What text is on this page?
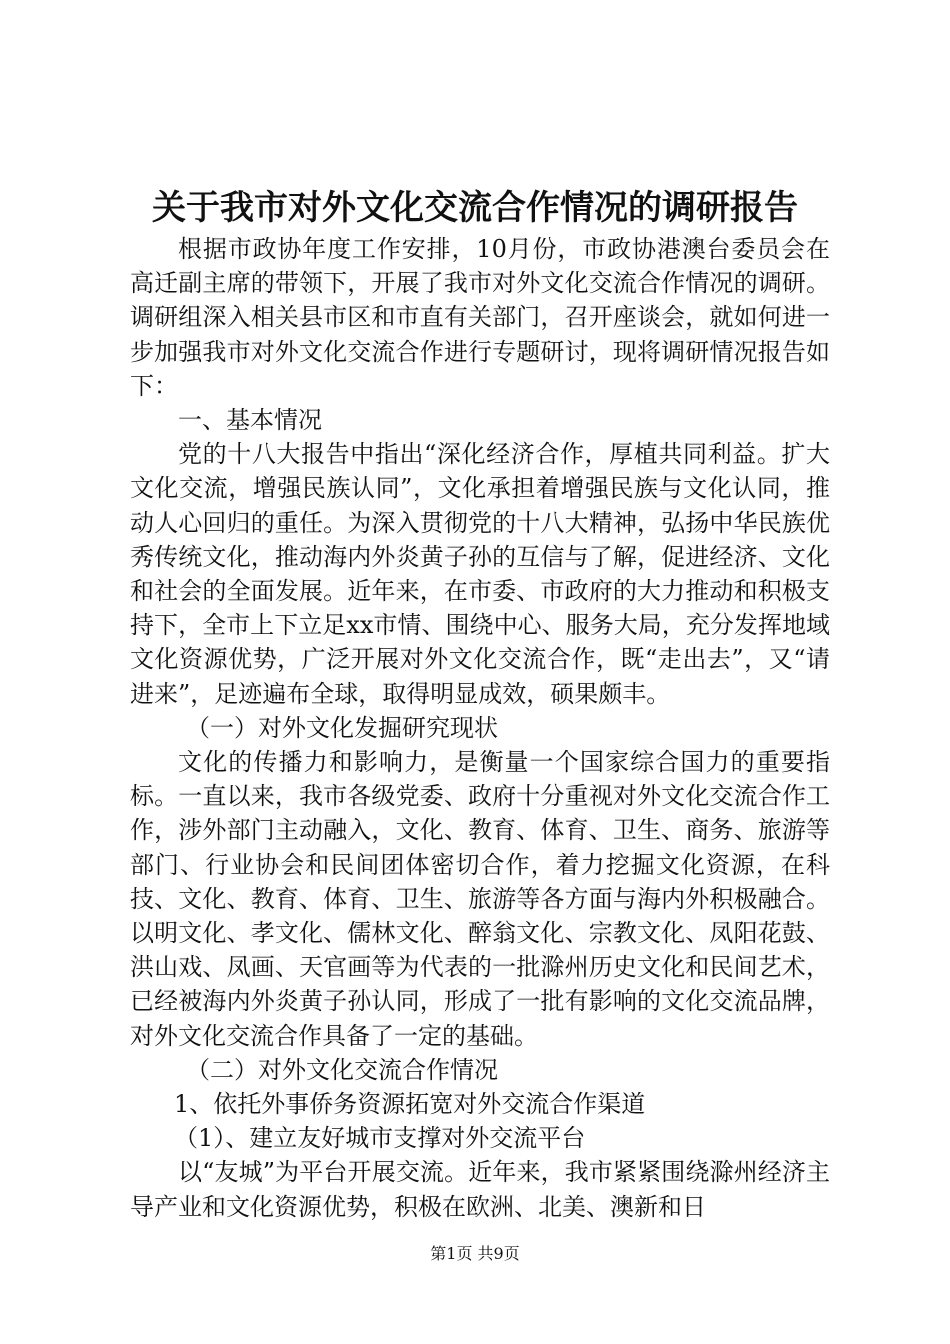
关于我市对外文化交流合作情况的调研报告

根据市政协年度工作安排，10月份，市政协港澳台委员会在高迁副主席的带领下，开展了我市对外文化交流合作情况的调研。调研组深入相关县市区和市直有关部门，召开座谈会，就如何进一步加强我市对外文化交流合作进行专题研讨，现将调研情况报告如下：

一、基本情况

党的十八大报告中指出“深化经济合作，厚植共同利益。扩大文化交流，增强民族认同”，文化承担着增强民族与文化认同，推动人心回归的重任。为深入贯彻党的十八大精神，弘扬中华民族优秀传统文化，推动海内外炎黄子孙的互信与了解，促进经济、文化和社会的全面发展。近年来，在市委、市政府的大力推动和积极支持下，全市上下立足xx市情、围绕中心、服务大局，充分发挥地域文化资源优势，广泛开展对外文化交流合作，既“走出去”，又“请进来”，足迹遍布全球，取得明显成效，硕果颇丰。

（一）对外文化发掘研究现状

文化的传播力和影响力，是衡量一个国家综合国力的重要指标。一直以来，我市各级党委、政府十分重视对外文化交流合作工作，涉外部门主动融入，文化、教育、体育、卫生、商务、旅游等部门、行业协会和民间团体密切合作，着力挖掘文化资源，在科技、文化、教育、体育、卫生、旅游等各方面与海内外积极融合。以明文化、孝文化、儒林文化、醉翁文化、宗教文化、凤阳花鼓、洪山戏、凤画、天官画等为代表的一批滁州历史文化和民间艺术，已经被海内外炎黄子孙认同，形成了一批有影响的文化交流品牌，对外文化交流合作具备了一定的基础。

（二）对外文化交流合作情况

1、依托外事侨务资源拓宽对外交流合作渠道

（1）、建立友好城市支撑对外交流平台

以“友城”为平台开展交流。近年来，我市紧紧围绕滁州经济主导产业和文化资源优势，积极在欧洲、北美、澳新和日

第1页 共9页
